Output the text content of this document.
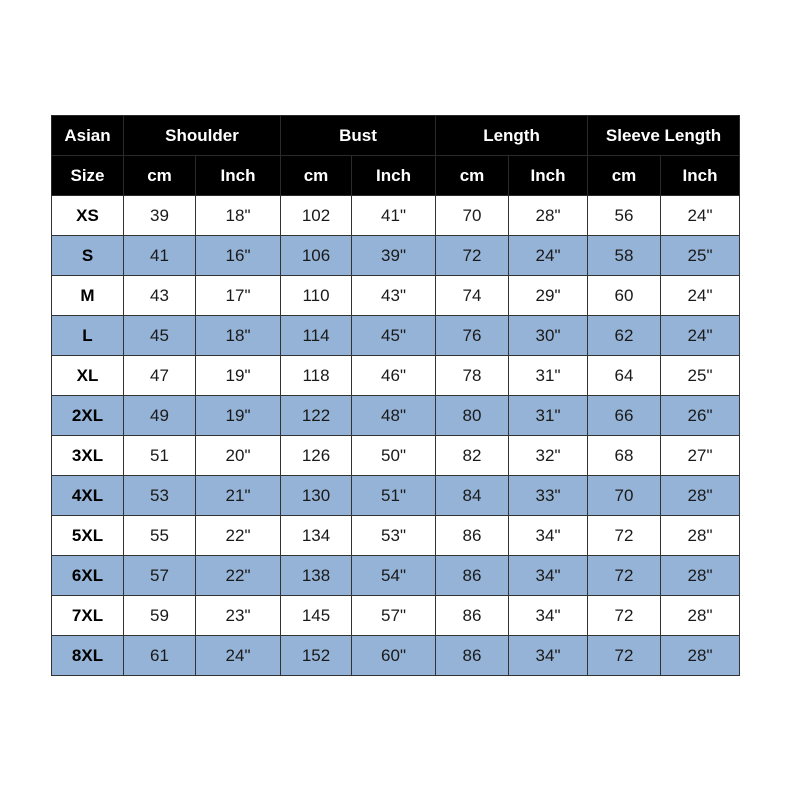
Asian	Shoulder		Bust		Length		Sleeve Length	
Size	cm	Inch	cm	Inch	cm	Inch	cm	Inch
XS	39	18"	102	41"	70	28"	56	24"
S	41	16"	106	39"	72	24"	58	25"
M	43	17"	110	43"	74	29"	60	24"
L	45	18"	114	45"	76	30"	62	24"
XL	47	19"	118	46"	78	31"	64	25"
2XL	49	19"	122	48"	80	31"	66	26"
3XL	51	20"	126	50"	82	32"	68	27"
4XL	53	21"	130	51"	84	33"	70	28"
5XL	55	22"	134	53"	86	34"	72	28"
6XL	57	22"	138	54"	86	34"	72	28"
7XL	59	23"	145	57"	86	34"	72	28"
8XL	61	24"	152	60"	86	34"	72	28"
